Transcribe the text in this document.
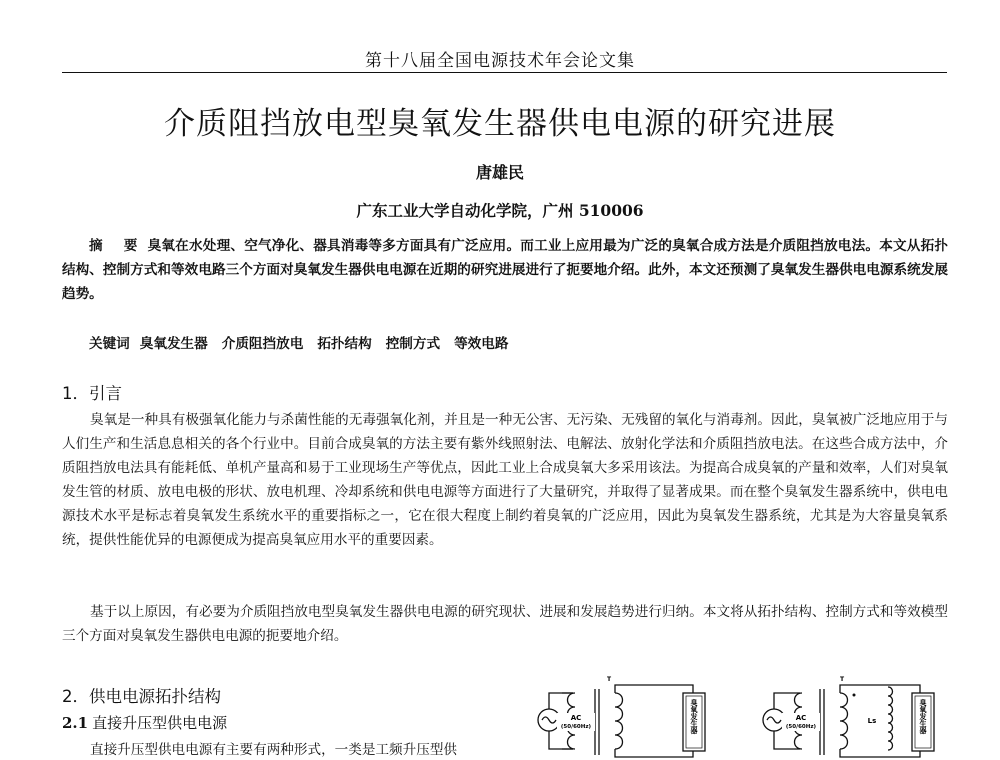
第十八届全国电源技术年会论文集
介质阻挡放电型臭氧发生器供电电源的研究进展
唐雄民
广东工业大学自动化学院，广州 510006

摘 要 臭氧在水处理、空气净化、器具消毒等多方面具有广泛应用。而工业上应用最为广泛的臭氧合成方法是介质阻挡放电法。本文从拓扑结构、控制方式和等效电路三个方面对臭氧发生器供电电源在近期的研究进展进行了扼要地介绍。此外，本文还预测了臭氧发生器供电电源系统发展趋势。

关键词 臭氧发生器 介质阻挡放电 拓扑结构 控制方式 等效电路
1．引言

臭氧是一种具有极强氧化能力与杀菌性能的无毒强氧化剂，并且是一种无公害、无污染、无残留的氧化与消毒剂。因此，臭氧被广泛地应用于与人们生产和生活息息相关的各个行业中。目前合成臭氧的方法主要有紫外线照射法、电解法、放射化学法和介质阻挡放电法。在这些合成方法中，介质阻挡放电法具有能耗低、单机产量高和易于工业现场生产等优点，因此工业上合成臭氧大多采用该法。为提高合成臭氧的产量和效率，人们对臭氧发生管的材质、放电电极的形状、放电机理、冷却系统和供电电源等方面进行了大量研究，并取得了显著成果。而在整个臭氧发生器系统中，供电电源技术水平是标志着臭氧发生系统水平的重要指标之一，它在很大程度上制约着臭氧的广泛应用，因此为臭氧发生器系统，尤其是为大容量臭氧系统，提供性能优异的电源便成为提高臭氧应用水平的重要因素。

基于以上原因，有必要为介质阻挡放电型臭氧发生器供电电源的研究现状、进展和发展趋势进行归纳。本文将从拓扑结构、控制方式和等效模型三个方面对臭氧发生器供电电源的扼要地介绍。

2．供电电源拓扑结构
2.1 直接升压型供电电源
直接升压型供电电源有主要有两种形式，一类是工频升压型供
AC
(50/60Hz)
T
臭氧发生器	AC
(50/60Hz)
T
Ls	臭氧发生器
